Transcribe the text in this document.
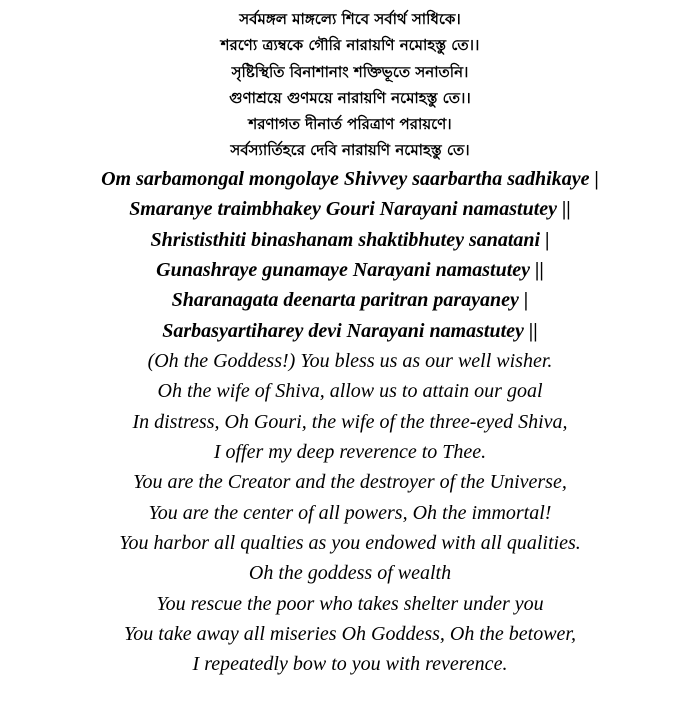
সর্বমঙ্গল মাঙ্গল্যে শিবে সর্বার্থ সাধিকে।
শরণ্যে ত্র্যম্বকে গৌরি নারায়ণি নমোহস্তু তে।।
সৃষ্টিস্থিতি বিনাশানাং শক্তিভূতে সনাতনি।
গুণাশ্রয়ে গুণময়ে নারায়ণি নমোহস্তু তে।।
শরণাগত দীনার্ত পরিত্রাণ পরায়ণে।
সর্বস্যার্তিহরে দেবি নারায়ণি নমোহস্তু তে।
Om sarbamongal mongolaye Shivvey saarbartha sadhikaye |
Smaranye traimbhakey Gouri Narayani namastutey ||
Shrististhiti binashanam shaktibhutey sanatani |
Gunashraye gunamaye Narayani namastutey ||
Sharanagata deenarta paritran parayaney |
Sarbasyartiharey devi Narayani namastutey ||
(Oh the Goddess!) You bless us as our well wisher.
Oh the wife of Shiva, allow us to attain our goal
In distress, Oh Gouri, the wife of the three-eyed Shiva,
I offer my deep reverence to Thee.
You are the Creator and the destroyer of the Universe,
You are the center of all powers, Oh the immortal!
You harbor all qualties as you endowed with all qualities.
Oh the goddess of wealth
You rescue the poor who takes shelter under you
You take away all miseries Oh Goddess, Oh the betower,
I repeatedly bow to you with reverence.
